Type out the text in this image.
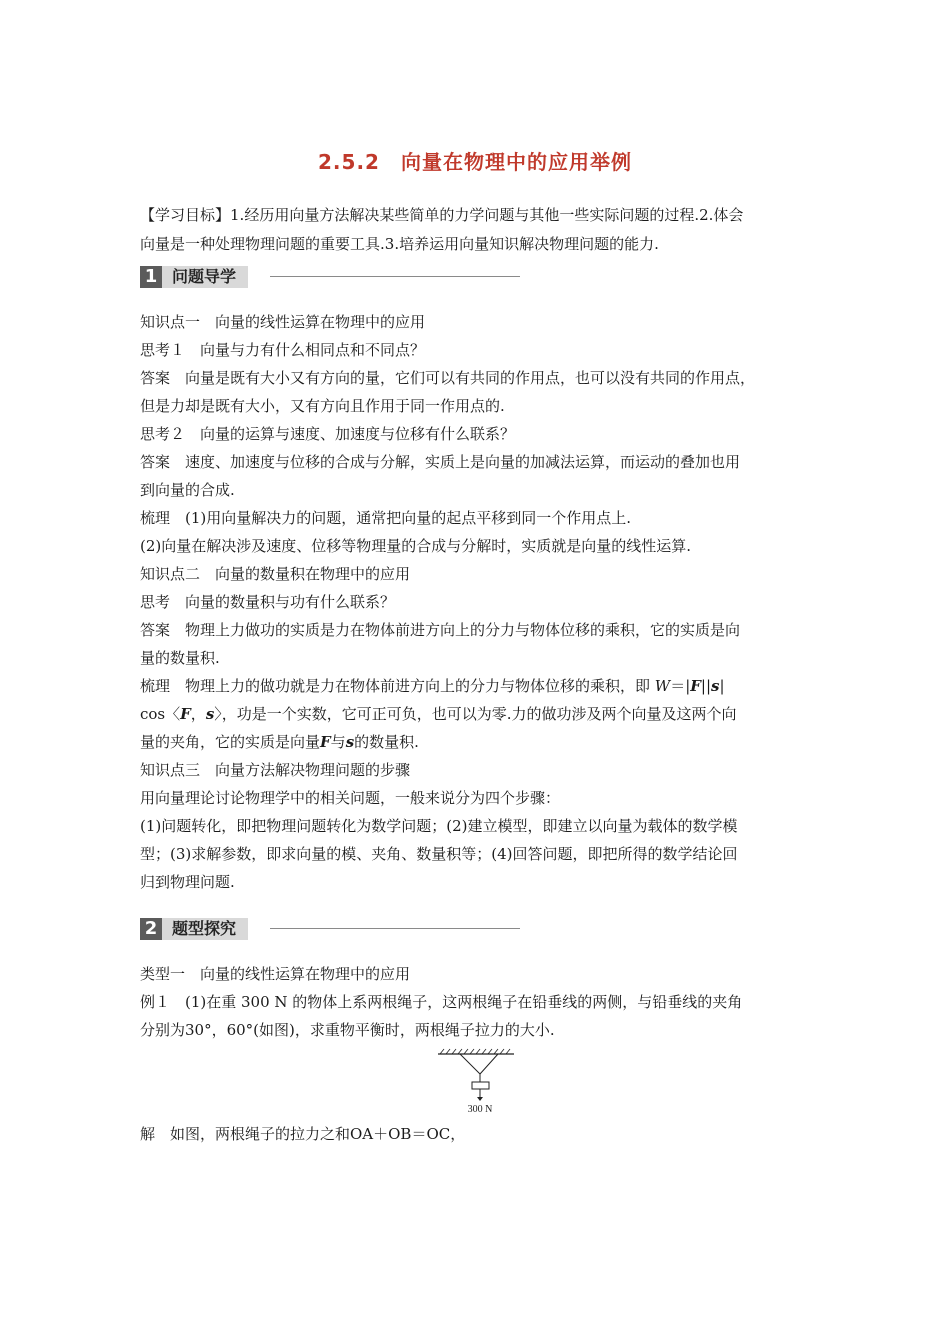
2.5.2　向量在物理中的应用举例
【学习目标】1.经历用向量方法解决某些简单的力学问题与其他一些实际问题的过程.2.体会
向量是一种处理物理问题的重要工具.3.培养运用向量知识解决物理问题的能力.
1 问题导学
知识点一　向量的线性运算在物理中的应用
思考１　向量与力有什么相同点和不同点？
答案　向量是既有大小又有方向的量，它们可以有共同的作用点，也可以没有共同的作用点，
但是力却是既有大小，又有方向且作用于同一作用点的.
思考２　向量的运算与速度、加速度与位移有什么联系？
答案　速度、加速度与位移的合成与分解，实质上是向量的加减法运算，而运动的叠加也用
到向量的合成.
梳理　(1)用向量解决力的问题，通常把向量的起点平移到同一个作用点上.
(2)向量在解决涉及速度、位移等物理量的合成与分解时，实质就是向量的线性运算.
知识点二　向量的数量积在物理中的应用
思考　向量的数量积与功有什么联系？
答案　物理上力做功的实质是力在物体前进方向上的分力与物体位移的乘积，它的实质是向
量的数量积.
梳理　物理上力的做功就是力在物体前进方向上的分力与物体位移的乘积，即 W＝|F||s|
cos〈F，s〉，功是一个实数，它可正可负，也可以为零.力的做功涉及两个向量及这两个向
量的夹角，它的实质是向量F与s的数量积.
知识点三　向量方法解决物理问题的步骤
用向量理论讨论物理学中的相关问题，一般来说分为四个步骤：
(1)问题转化，即把物理问题转化为数学问题；(2)建立模型，即建立以向量为载体的数学模
型；(3)求解参数，即求向量的模、夹角、数量积等；(4)回答问题，即把所得的数学结论回
归到物理问题.
2 题型探究
类型一　向量的线性运算在物理中的应用
例１　(1)在重 300 N 的物体上系两根绳子，这两根绳子在铅垂线的两侧，与铅垂线的夹角
分别为30°，60°(如图)，求重物平衡时，两根绳子拉力的大小.
300 N
解　如图，两根绳子的拉力之和OA＋OB＝OC，
